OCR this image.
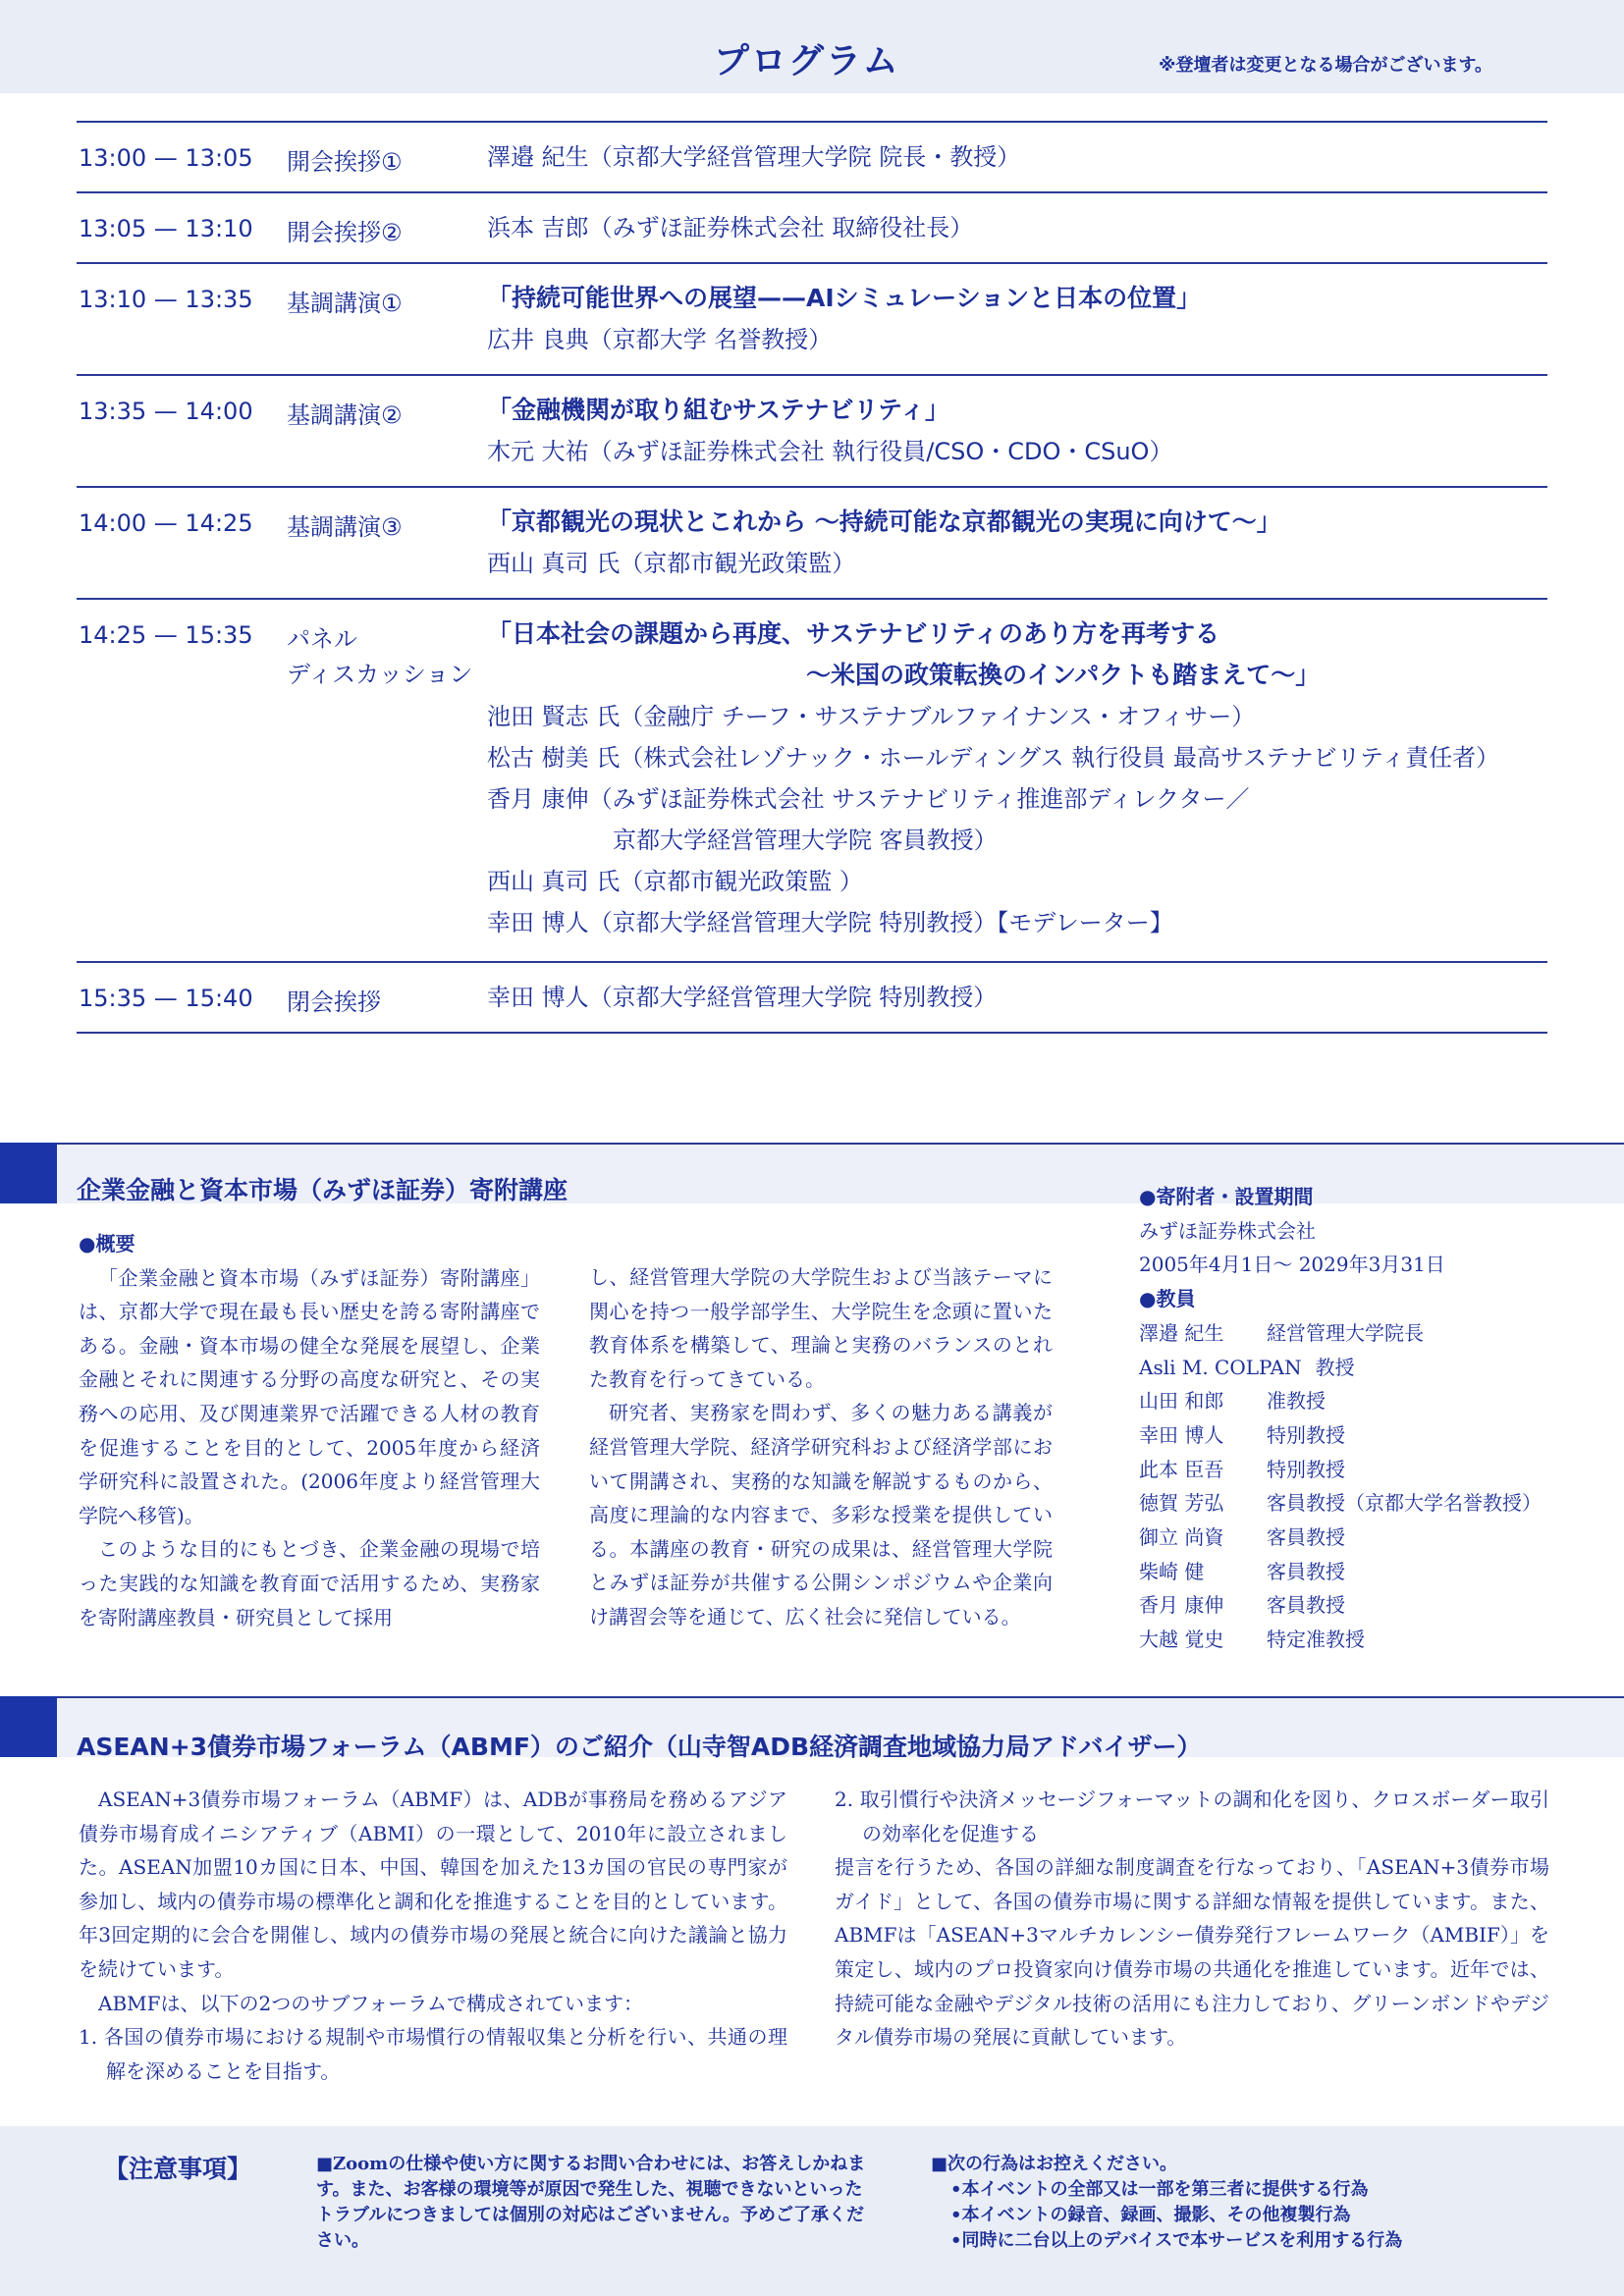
プログラム	※登壇者は変更となる場合がございます。
13:00 — 13:05 開会挨拶①	澤邉 紀生（京都大学経営管理大学院 院長・教授）
13:05 — 13:10 開会挨拶②	浜本 吉郎（みずほ証券株式会社 取締役社長）
13:10 — 13:35 基調講演①	「持続可能世界への展望——AIシミュレーションと日本の位置」
広井 良典（京都大学 名誉教授）
13:35 — 14:00 基調講演②	「金融機関が取り組むサステナビリティ」
木元 大祐（みずほ証券株式会社 執行役員/CSO・CDO・CSuO）
14:00 — 14:25 基調講演③	「京都観光の現状とこれから ～持続可能な京都観光の実現に向けて～」
西山 真司 氏（京都市観光政策監）
14:25 — 15:35 パネル
ディスカッション
「日本社会の課題から再度、サステナビリティのあり方を再考する
～米国の政策転換のインパクトも踏まえて～」
池田 賢志 氏（金融庁 チーフ・サステナブルファイナンス・オフィサー）
松古 樹美 氏（株式会社レゾナック・ホールディングス 執行役員 最高サステナビリティ責任者）
香月 康伸（みずほ証券株式会社 サステナビリティ推進部ディレクター／
京都大学経営管理大学院 客員教授）
西山 真司 氏（京都市観光政策監 ）
幸田 博人（京都大学経営管理大学院 特別教授）【モデレーター】
15:35 — 15:40 閉会挨拶	幸田 博人（京都大学経営管理大学院 特別教授）
企業金融と資本市場（みずほ証券）寄附講座
●概要

「企業金融と資本市場（みずほ証券）寄附講座」は、京都大学で現在最も長い歴史を誇る寄附講座である。金融・資本市場の健全な発展を展望し、企業金融とそれに関連する分野の高度な研究と、その実務への応用、及び関連業界で活躍できる人材の教育を促進することを目的として、2005年度から経済学研究科に設置された。(2006年度より経営管理大学院へ移管)。

このような目的にもとづき、企業金融の現場で培った実践的な知識を教育面で活用するため、実務家を寄附講座教員・研究員として採用

し、経営管理大学院の大学院生および当該テーマに関心を持つ一般学部学生、大学院生を念頭に置いた教育体系を構築して、理論と実務のバランスのとれた教育を行ってきている。

研究者、実務家を問わず、多くの魅力ある講義が経営管理大学院、経済学研究科および経済学部において開講され、実務的な知識を解説するものから、高度に理論的な内容まで、多彩な授業を提供している。本講座の教育・研究の成果は、経営管理大学院とみずほ証券が共催する公開シンポジウムや企業向け講習会等を通じて、広く社会に発信している。

●寄附者・設置期間
みずほ証券株式会社
2005年4月1日～ 2029年3月31日
●教員
澤邉 紀生 経営管理大学院長
Asli M. COLPAN 教授
山田 和郎 准教授
幸田 博人 特別教授
此本 臣吾 特別教授
徳賀 芳弘 客員教授（京都大学名誉教授）
御立 尚資 客員教授
柴崎 健	客員教授
香月 康伸 客員教授
大越 覚史 特定准教授
ASEAN+3債券市場フォーラム（ABMF）のご紹介（山寺智ADB経済調査地域協力局アドバイザー）

ASEAN+3債券市場フォーラム（ABMF）は、ADBが事務局を務めるアジア債券市場育成イニシアティブ（ABMI）の一環として、2010年に設立されました。ASEAN加盟10カ国に日本、中国、韓国を加えた13カ国の官民の専門家が参加し、域内の債券市場の標準化と調和化を推進することを目的としています。年3回定期的に会合を開催し、域内の債券市場の発展と統合に向けた議論と協力を続けています。

ABMFは、以下の2つのサブフォーラムで構成されています：

1. 各国の債券市場における規制や市場慣行の情報収集と分析を行い、共通の理解を深めることを目指す。

2. 取引慣行や決済メッセージフォーマットの調和化を図り、クロスボーダー取引の効率化を促進する

提言を行うため、各国の詳細な制度調査を行なっており、「ASEAN+3債券市場ガイド」として、各国の債券市場に関する詳細な情報を提供しています。また、ABMFは「ASEAN+3マルチカレンシー債券発行フレームワーク（AMBIF）」を策定し、域内のプロ投資家向け債券市場の共通化を推進しています。近年では、持続可能な金融やデジタル技術の活用にも注力しており、グリーンボンドやデジタル債券市場の発展に貢献しています。

【注意事項】	■Zoomの仕様や使い方に関するお問い合わせには、お答えしかねます。また、お客様の環境等が原因で発生した、視聴できないといったトラブルにつきましては個別の対応はございません。予めご了承ください。

■次の行為はお控えください。

•本イベントの全部又は一部を第三者に提供する行為

•本イベントの録音、録画、撮影、その他複製行為

•同時に二台以上のデバイスで本サービスを利用する行為
